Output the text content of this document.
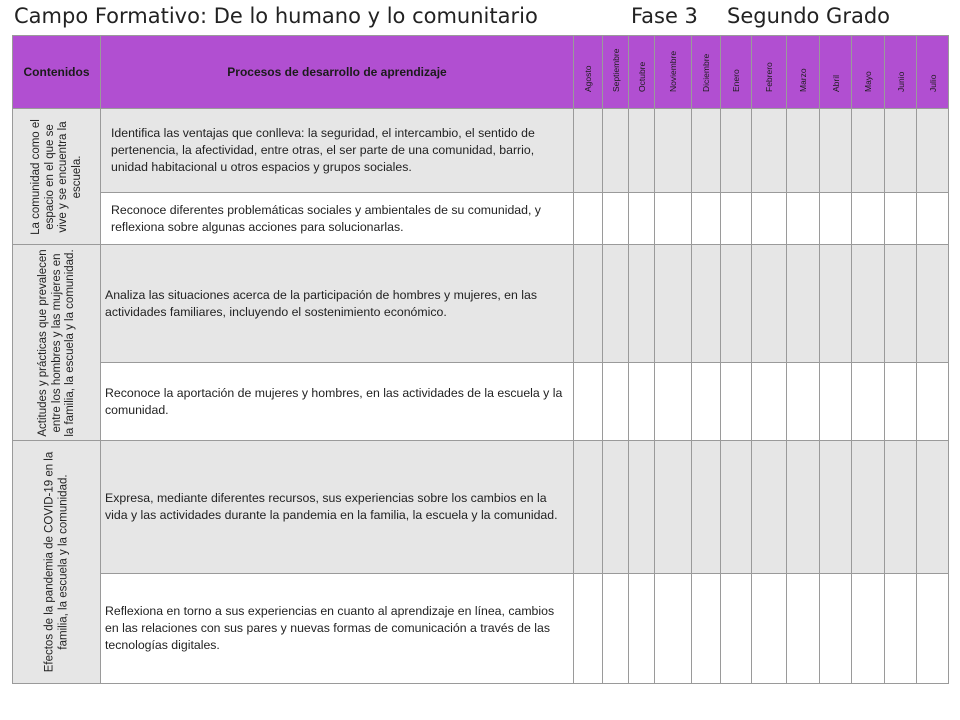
Campo Formativo: De lo humano y lo comunitario	Fase 3 Segundo Grado
Contenidos	Procesos de desarrollo de aprendizaje	Agosto	Septiembre	Octubre	Noviembre	Diciembre	Enero	Febrero	Marzo	Abril	Mayo	Junio	Julio

La comunidad como el espacio en el que se vive y se encuentra la escuela.	Identifica las ventajas que conlleva: la seguridad, el intercambio, el sentido de pertenencia, la afectividad, entre otras, el ser parte de una comunidad, barrio, unidad habitacional u otros espacios y grupos sociales.												
	Reconoce diferentes problemáticas sociales y ambientales de su comunidad, y reflexiona sobre algunas acciones para solucionarlas.												

Actitudes y prácticas que prevalecen entre los hombres y las mujeres en la familia, la escuela y la comunidad.	Analiza las situaciones acerca de la participación de hombres y mujeres, en las actividades familiares, incluyendo el sostenimiento económico.												
	Reconoce la aportación de mujeres y hombres, en las actividades de la escuela y la comunidad.												

Efectos de la pandemia de COVID-19 en la familia, la escuela y la comunidad.	Expresa, mediante diferentes recursos, sus experiencias sobre los cambios en la vida y las actividades durante la pandemia en la familia, la escuela y la comunidad.												
	Reflexiona en torno a sus experiencias en cuanto al aprendizaje en línea, cambios en las relaciones con sus pares y nuevas formas de comunicación a través de las tecnologías digitales.												
